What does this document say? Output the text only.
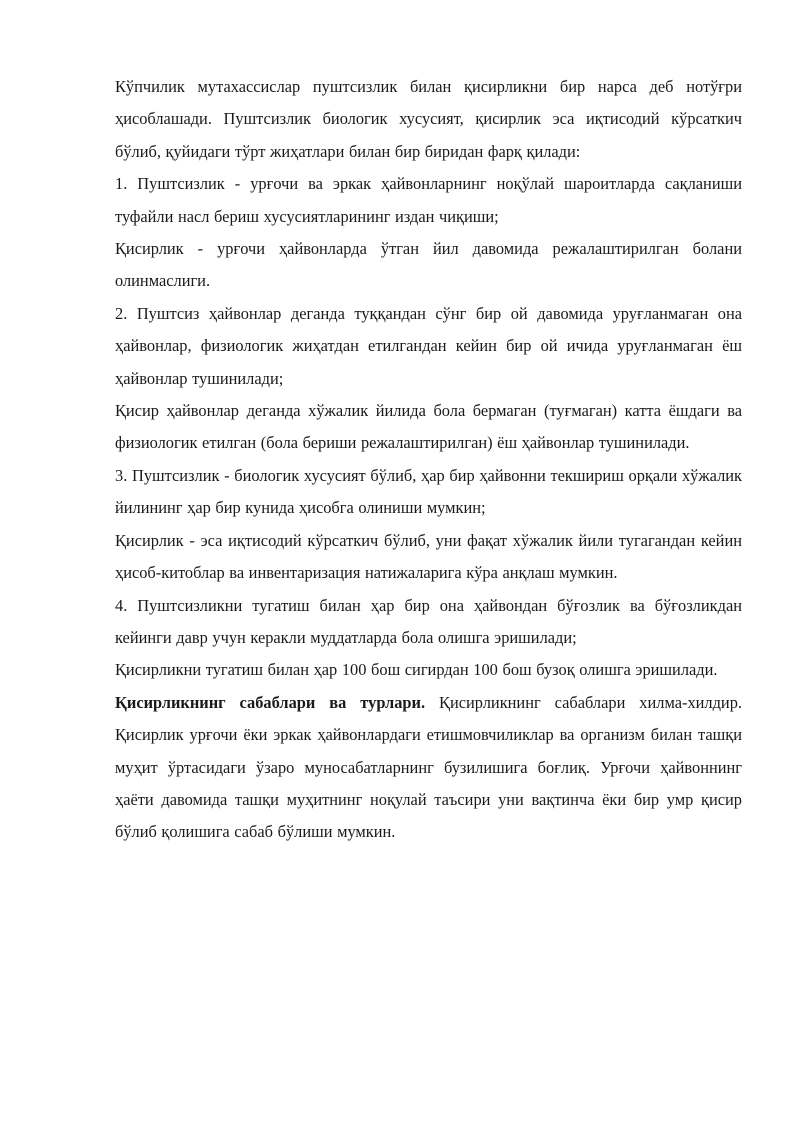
Кўпчилик мутахассислар пуштсизлик билан қисирликни бир нарса деб нотўғри ҳисоблашади. Пуштсизлик биологик хусусият, қисирлик эса иқтисодий кўрсаткич бўлиб, қуйидаги тўрт жиҳатлари билан бир биридан фарқ қилади:

1. Пуштсизлик - урғочи ва эркак ҳайвонларнинг ноқўлай шароитларда сақланиши туфайли насл бериш хусусиятларининг издан чиқиши;

Қисирлик - урғочи ҳайвонларда ўтган йил давомида режалаштирилган болани олинмаслиги.

2. Пуштсиз ҳайвонлар деганда туққандан сўнг бир ой давомида уруғланмаган она ҳайвонлар, физиологик жиҳатдан етилгандан кейин бир ой ичида уруғланмаган ёш ҳайвонлар тушинилади;

Қисир ҳайвонлар деганда хўжалик йилида бола бермаган (туғмаган) катта ёшдаги ва физиологик етилган (бола бериши режалаштирилган) ёш ҳайвонлар тушинилади.

3. Пуштсизлик - биологик хусусият бўлиб, ҳар бир ҳайвонни текшириш орқали хўжалик йилининг ҳар бир кунида ҳисобга олиниши мумкин;

Қисирлик - эса иқтисодий кўрсаткич бўлиб, уни фақат хўжалик йили тугагандан кейин ҳисоб-китоблар ва инвентаризация натижаларига кўра анқлаш мумкин.

4. Пуштсизликни тугатиш билан ҳар бир она ҳайвондан бўғозлик ва бўғозликдан кейинги давр учун керакли муддатларда бола олишга эришилади;

Қисирликни тугатиш билан ҳар 100 бош сигирдан 100 бош бузоқ олишга эришилади.

Қисирликнинг сабаблари ва турлари. Қисирликнинг сабаблари хилма-хилдир. Қисирлик урғочи ёки эркак ҳайвонлардаги етишмовчиликлар ва организм билан ташқи муҳит ўртасидаги ўзаро муносабатларнинг бузилишига боғлиқ. Урғочи ҳайвоннинг ҳаёти давомида ташқи муҳитнинг ноқулай таъсири уни вақтинча ёки бир умр қисир бўлиб қолишига сабаб бўлиши мумкин.
